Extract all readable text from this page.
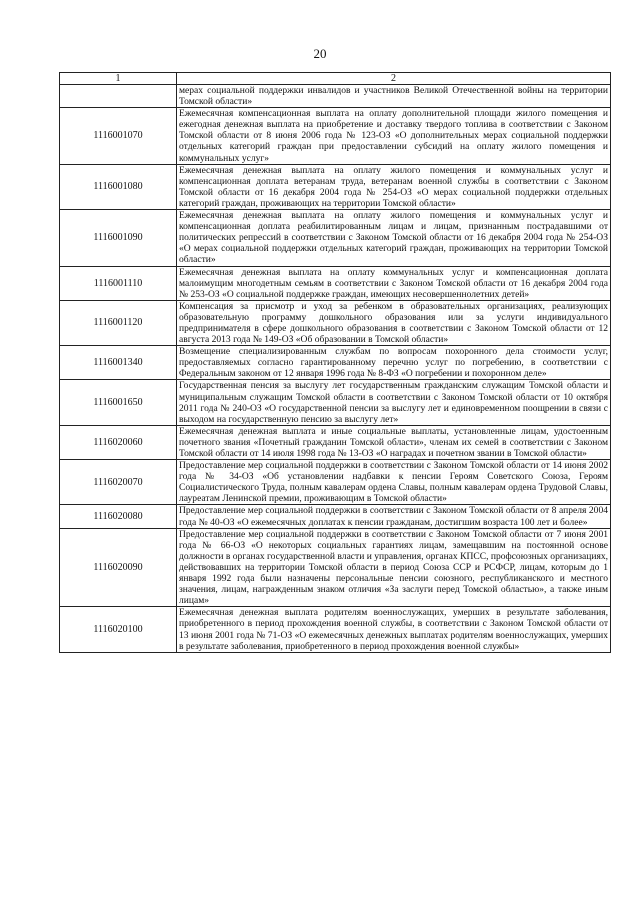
20
1	2
	мерах социальной поддержки инвалидов и участников Великой Отечественной войны на территории Томской области»
1116001070	Ежемесячная компенсационная выплата на оплату дополнительной площади жилого помещения и ежегодная денежная выплата на приобретение и доставку твердого топлива в соответствии с Законом Томской области от 8 июня 2006 года № 123-ОЗ «О дополнительных мерах социальной поддержки отдельных категорий граждан при предоставлении субсидий на оплату жилого помещения и коммунальных услуг»
1116001080	Ежемесячная денежная выплата на оплату жилого помещения и коммунальных услуг и компенсационная доплата ветеранам труда, ветеранам военной службы в соответствии с Законом Томской области от 16 декабря 2004 года № 254-ОЗ «О мерах социальной поддержки отдельных категорий граждан, проживающих на территории Томской области»
1116001090	Ежемесячная денежная выплата на оплату жилого помещения и коммунальных услуг и компенсационная доплата реабилитированным лицам и лицам, признанным пострадавшими от политических репрессий в соответствии с Законом Томской области от 16 декабря 2004 года № 254-ОЗ «О мерах социальной поддержки отдельных категорий граждан, проживающих на территории Томской области»
1116001110	Ежемесячная денежная выплата на оплату коммунальных услуг и компенсационная доплата малоимущим многодетным семьям в соответствии с Законом Томской области от 16 декабря 2004 года № 253-ОЗ «О социальной поддержке граждан, имеющих несовершеннолетних детей»
1116001120	Компенсация за присмотр и уход за ребенком в образовательных организациях, реализующих образовательную программу дошкольного образования или за услуги индивидуального предпринимателя в сфере дошкольного образования в соответствии с Законом Томской области от 12 августа 2013 года № 149-ОЗ «Об образовании в Томской области»
1116001340	Возмещение специализированным службам по вопросам похоронного дела стоимости услуг, предоставляемых согласно гарантированному перечню услуг по погребению, в соответствии с Федеральным законом от 12 января 1996 года № 8-ФЗ «О погребении и похоронном деле»
1116001650	Государственная пенсия за выслугу лет государственным гражданским служащим Томской области и муниципальным служащим Томской области в соответствии с Законом Томской области от 10 октября 2011 года № 240-ОЗ «О государственной пенсии за выслугу лет и единовременном поощрении в связи с выходом на государственную пенсию за выслугу лет»
1116020060	Ежемесячная денежная выплата и иные социальные выплаты, установленные лицам, удостоенным почетного звания «Почетный гражданин Томской области», членам их семей в соответствии с Законом Томской области от 14 июля 1998 года № 13-ОЗ «О наградах и почетном звании в Томской области»
1116020070	Предоставление мер социальной поддержки в соответствии с Законом Томской области от 14 июня 2002 года № 34-ОЗ «Об установлении надбавки к пенсии Героям Советского Союза, Героям Социалистического Труда, полным кавалерам ордена Славы, полным кавалерам ордена Трудовой Славы, лауреатам Ленинской премии, проживающим в Томской области»
1116020080	Предоставление мер социальной поддержки в соответствии с Законом Томской области от 8 апреля 2004 года № 40-ОЗ «О ежемесячных доплатах к пенсии гражданам, достигшим возраста 100 лет и более»
1116020090	Предоставление мер социальной поддержки в соответствии с Законом Томской области от 7 июня 2001 года № 66-ОЗ «О некоторых социальных гарантиях лицам, замещавшим на постоянной основе должности в органах государственной власти и управления, органах КПСС, профсоюзных организациях, действовавших на территории Томской области в период Союза ССР и РСФСР, лицам, которым до 1 января 1992 года были назначены персональные пенсии союзного, республиканского и местного значения, лицам, награжденным знаком отличия «За заслуги перед Томской областью», а также иным лицам»
1116020100	Ежемесячная денежная выплата родителям военнослужащих, умерших в результате заболевания, приобретенного в период прохождения военной службы, в соответствии с Законом Томской области от 13 июня 2001 года № 71-ОЗ «О ежемесячных денежных выплатах родителям военнослужащих, умерших в результате заболевания, приобретенного в период прохождения военной службы»
